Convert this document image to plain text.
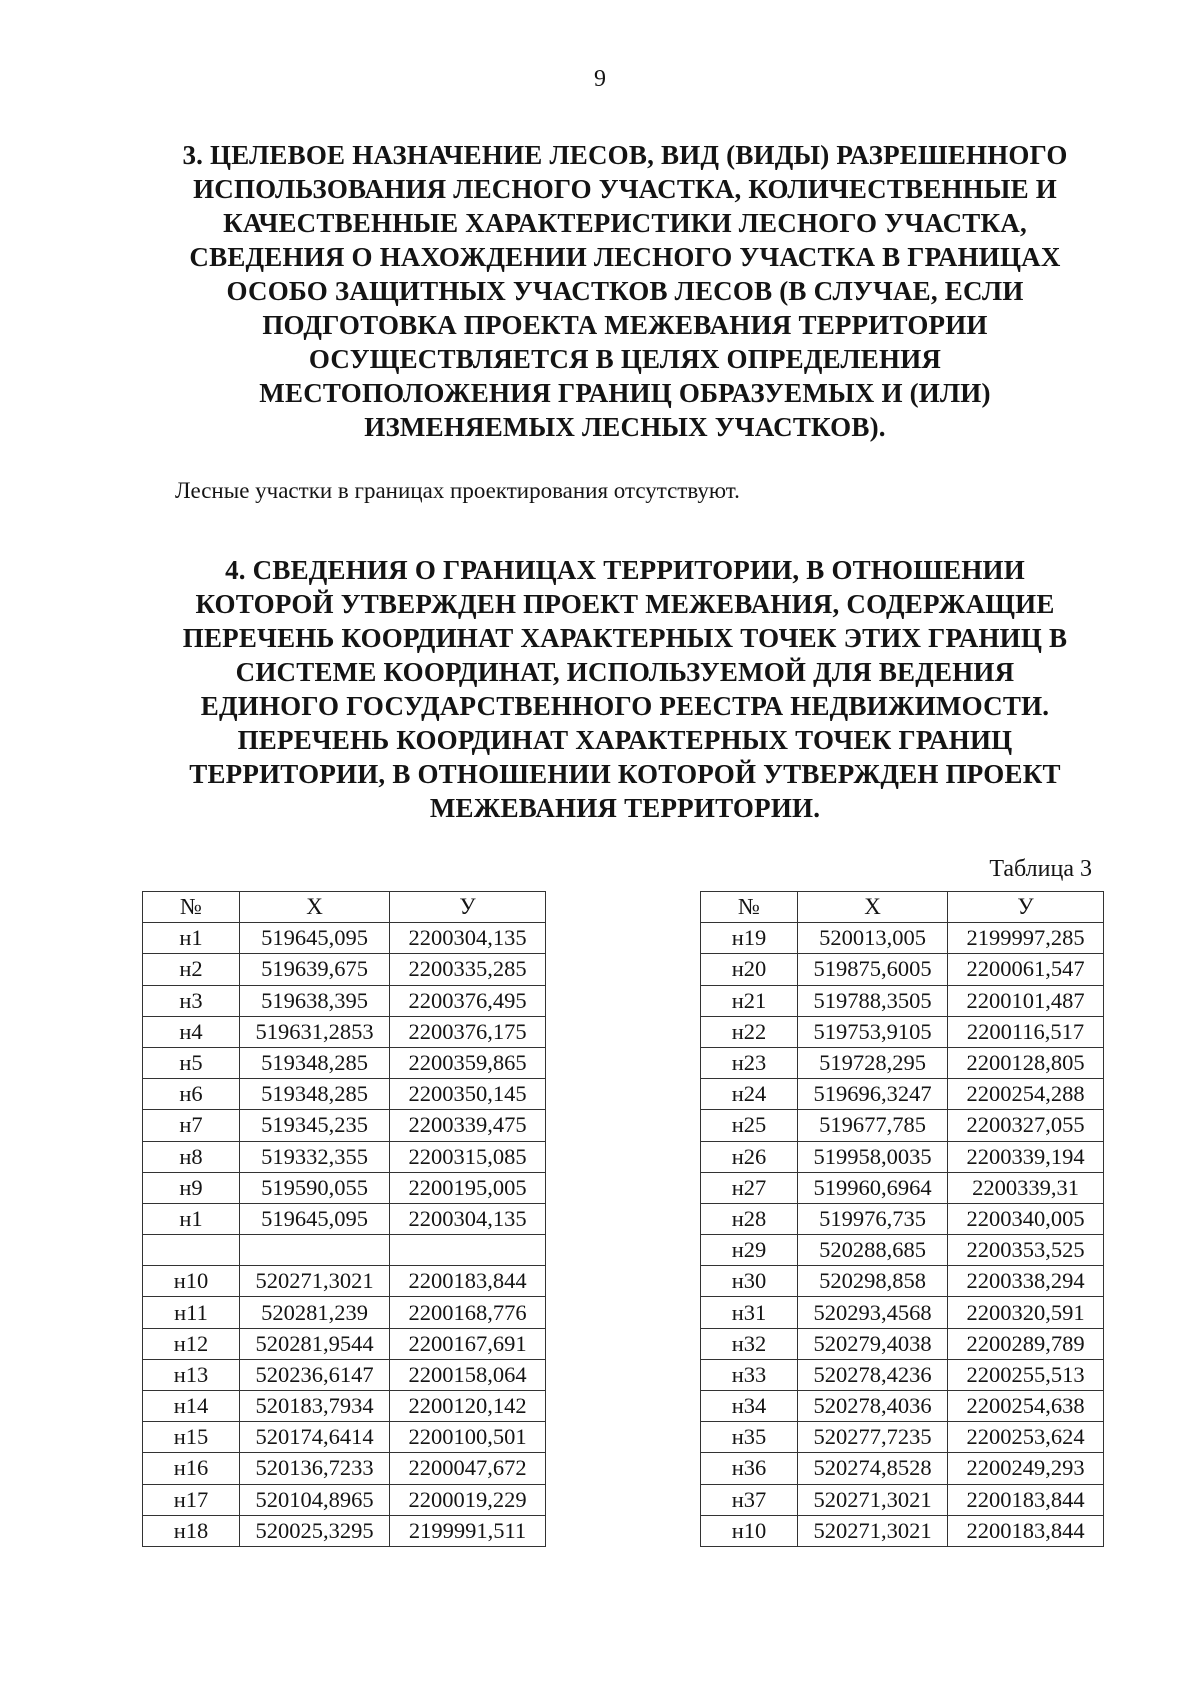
9
3. ЦЕЛЕВОЕ НАЗНАЧЕНИЕ ЛЕСОВ, ВИД (ВИДЫ) РАЗРЕШЕННОГО
ИСПОЛЬЗОВАНИЯ ЛЕСНОГО УЧАСТКА, КОЛИЧЕСТВЕННЫЕ И
КАЧЕСТВЕННЫЕ ХАРАКТЕРИСТИКИ ЛЕСНОГО УЧАСТКА,
СВЕДЕНИЯ О НАХОЖДЕНИИ ЛЕСНОГО УЧАСТКА В ГРАНИЦАХ
ОСОБО ЗАЩИТНЫХ УЧАСТКОВ ЛЕСОВ (В СЛУЧАЕ, ЕСЛИ
ПОДГОТОВКА ПРОЕКТА МЕЖЕВАНИЯ ТЕРРИТОРИИ
ОСУЩЕСТВЛЯЕТСЯ В ЦЕЛЯХ ОПРЕДЕЛЕНИЯ
МЕСТОПОЛОЖЕНИЯ ГРАНИЦ ОБРАЗУЕМЫХ И (ИЛИ)
ИЗМЕНЯЕМЫХ ЛЕСНЫХ УЧАСТКОВ).
Лесные участки в границах проектирования отсутствуют.
4. СВЕДЕНИЯ О ГРАНИЦАХ ТЕРРИТОРИИ, В ОТНОШЕНИИ
КОТОРОЙ УТВЕРЖДЕН ПРОЕКТ МЕЖЕВАНИЯ, СОДЕРЖАЩИЕ
ПЕРЕЧЕНЬ КООРДИНАТ ХАРАКТЕРНЫХ ТОЧЕК ЭТИХ ГРАНИЦ В
СИСТЕМЕ КООРДИНАТ, ИСПОЛЬЗУЕМОЙ ДЛЯ ВЕДЕНИЯ
ЕДИНОГО ГОСУДАРСТВЕННОГО РЕЕСТРА НЕДВИЖИМОСТИ.
ПЕРЕЧЕНЬ КООРДИНАТ ХАРАКТЕРНЫХ ТОЧЕК ГРАНИЦ
ТЕРРИТОРИИ, В ОТНОШЕНИИ КОТОРОЙ УТВЕРЖДЕН ПРОЕКТ
МЕЖЕВАНИЯ ТЕРРИТОРИИ.
Таблица 3
№	Х	У
н1	519645,095	2200304,135
н2	519639,675	2200335,285
н3	519638,395	2200376,495
н4	519631,2853	2200376,175
н5	519348,285	2200359,865
н6	519348,285	2200350,145
н7	519345,235	2200339,475
н8	519332,355	2200315,085
н9	519590,055	2200195,005
н1	519645,095	2200304,135

н10	520271,3021	2200183,844
н11	520281,239	2200168,776
н12	520281,9544	2200167,691
н13	520236,6147	2200158,064
н14	520183,7934	2200120,142
н15	520174,6414	2200100,501
н16	520136,7233	2200047,672
н17	520104,8965	2200019,229
н18	520025,3295	2199991,511
№	Х	У
н19	520013,005	2199997,285
н20	519875,6005	2200061,547
н21	519788,3505	2200101,487
н22	519753,9105	2200116,517
н23	519728,295	2200128,805
н24	519696,3247	2200254,288
н25	519677,785	2200327,055
н26	519958,0035	2200339,194
н27	519960,6964	2200339,31
н28	519976,735	2200340,005
н29	520288,685	2200353,525
н30	520298,858	2200338,294
н31	520293,4568	2200320,591
н32	520279,4038	2200289,789
н33	520278,4236	2200255,513
н34	520278,4036	2200254,638
н35	520277,7235	2200253,624
н36	520274,8528	2200249,293
н37	520271,3021	2200183,844
н10	520271,3021	2200183,844
